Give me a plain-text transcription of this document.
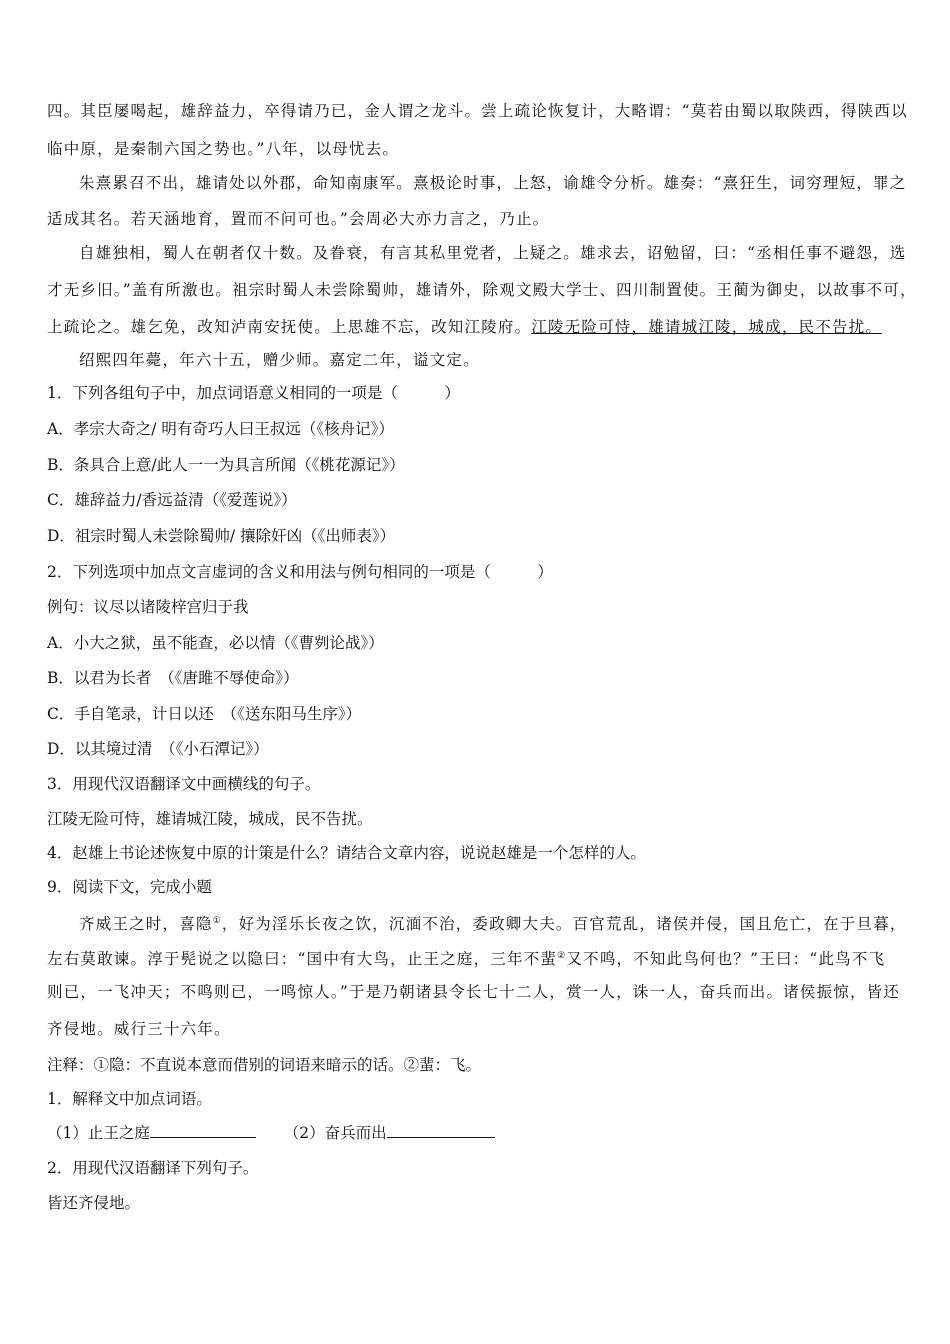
四。其臣屡喝起，雄辞益力，卒得请乃已，金人谓之龙斗。尝上疏论恢复计，大略谓：“莫若由蜀以取陕西，得陕西以
临中原，是秦制六国之势也。”八年，以母忧去。
朱熹累召不出，雄请处以外郡，命知南康军。熹极论时事，上怒，谕雄令分析。雄奏：“熹狂生，词穷理短，罪之
适成其名。若天涵地育，置而不问可也。”会周必大亦力言之，乃止。
自雄独相，蜀人在朝者仅十数。及眷衰，有言其私里党者，上疑之。雄求去，诏勉留，曰：“丞相任事不避怨，选
才无乡旧。”盖有所激也。祖宗时蜀人未尝除蜀帅，雄请外，除观文殿大学士、四川制置使。王蔺为御史，以故事不可，
上疏论之。雄乞免，改知泸南安抚使。上思雄不忘，改知江陵府。江陵无险可恃，雄请城江陵，城成，民不告扰。
绍熙四年薨，年六十五，赠少师。嘉定二年，谥文定。
1．下列各组句子中，加点词语意义相同的一项是（　　　）
A．孝宗大奇之/ 明有奇巧人曰王叔远（《核舟记》）
B．条具合上意/此人一一为具言所闻（《桃花源记》）
C．雄辞益力/香远益清（《爱莲说》）
D．祖宗时蜀人未尝除蜀帅/ 攘除奸凶（《出师表》）
2．下列选项中加点文言虚词的含义和用法与例句相同的一项是（　　　）
例句：议尽以诸陵梓宫归于我
A．小大之狱，虽不能查，必以情（《曹刿论战》）
B．以君为长者　（《唐雎不辱使命》）
C．手自笔录，计日以还　（《送东阳马生序》）
D．以其境过清　（《小石潭记》）
3．用现代汉语翻译文中画横线的句子。
江陵无险可恃，雄请城江陵，城成，民不告扰。
4．赵雄上书论述恢复中原的计策是什么？请结合文章内容，说说赵雄是一个怎样的人。
9．阅读下文，完成小题
齐威王之时，喜隐①，好为淫乐长夜之饮，沉湎不治，委政卿大夫。百官荒乱，诸侯并侵，国且危亡，在于旦暮，
左右莫敢谏。淳于髡说之以隐曰：“国中有大鸟，止王之庭，三年不蜚②又不鸣，不知此鸟何也？”王曰：“此鸟不飞
则已，一飞冲天；不鸣则已，一鸣惊人。”于是乃朝诸县令长七十二人，赏一人，诛一人，奋兵而出。诸侯振惊，皆还
齐侵地。威行三十六年。
注释：①隐：不直说本意而借别的词语来暗示的话。②蜚：飞。
1．解释文中加点词语。
（1）止王之庭	（2）奋兵而出
2．用现代汉语翻译下列句子。
皆还齐侵地。
